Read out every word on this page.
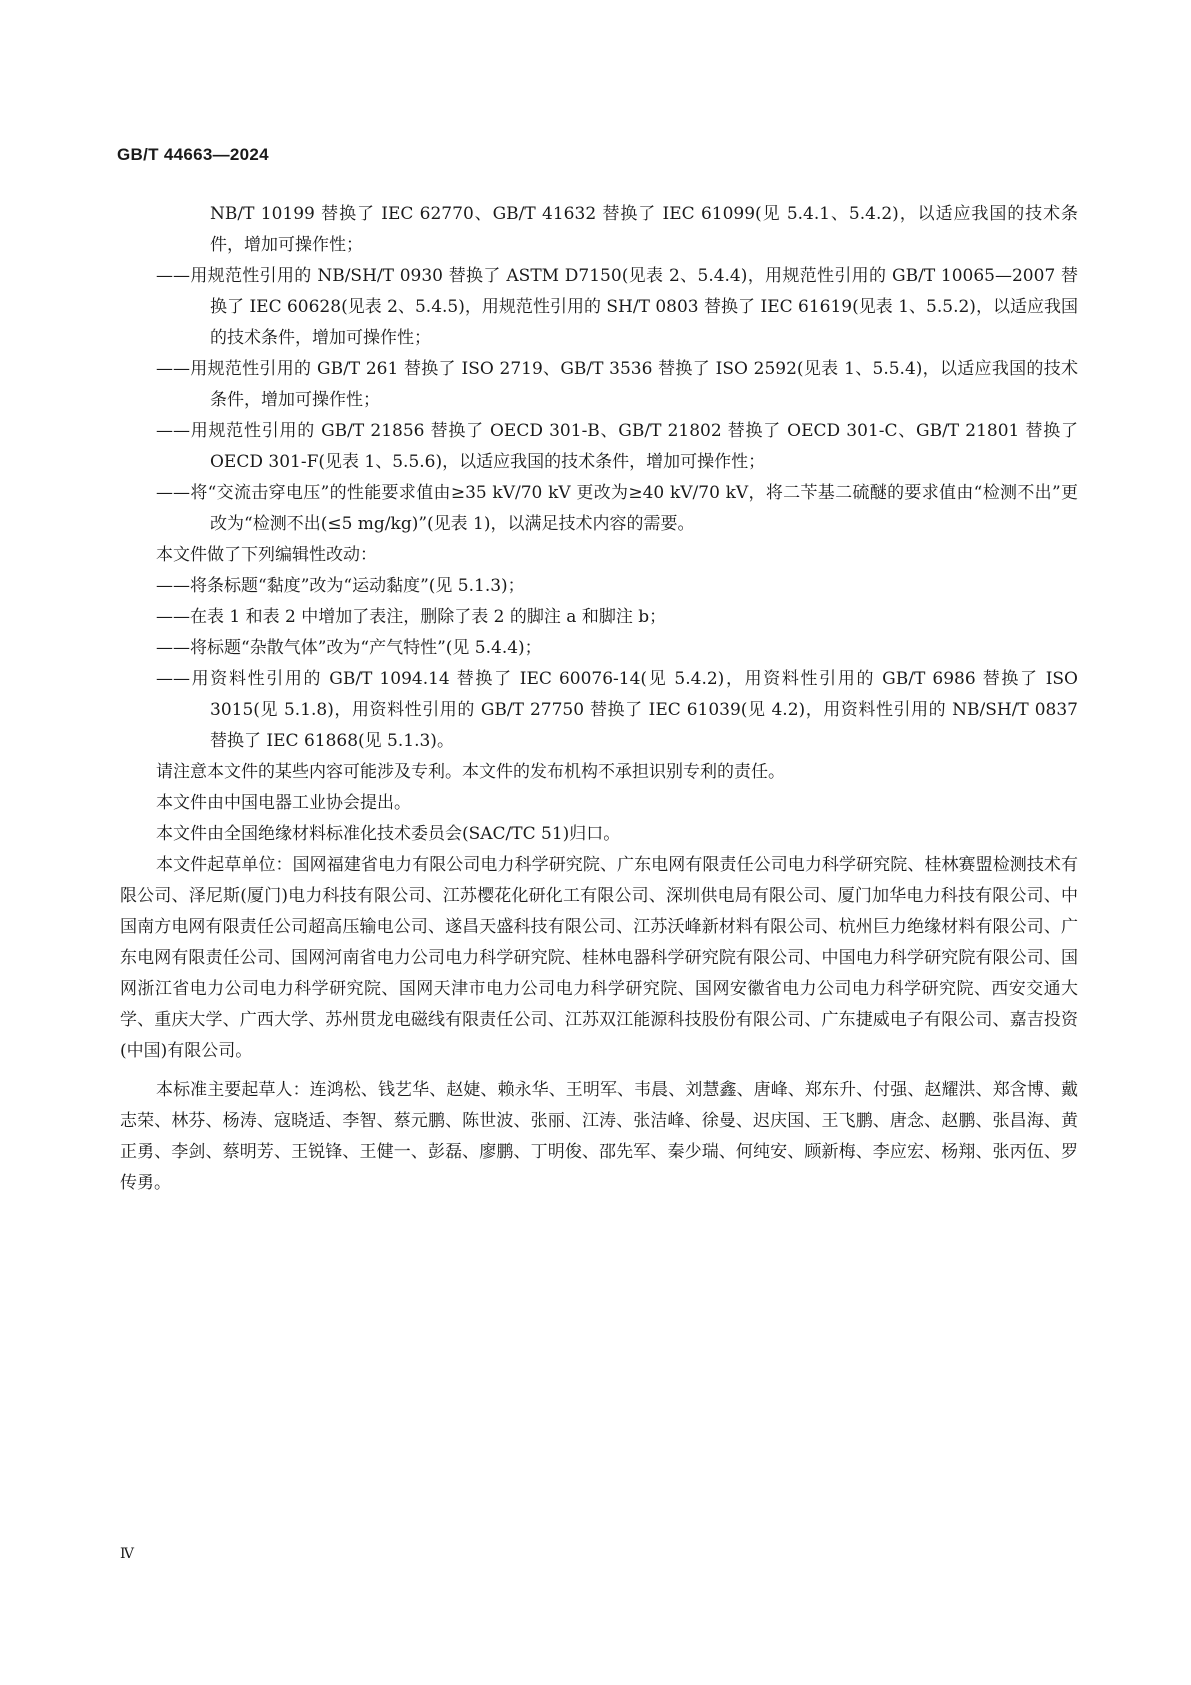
GB/T 44663—2024

NB/T 10199 替换了 IEC 62770、GB/T 41632 替换了 IEC 61099(见 5.4.1、5.4.2)，以适应我国的技术条件，增加可操作性；

——用规范性引用的 NB/SH/T 0930 替换了 ASTM D7150(见表 2、5.4.4)，用规范性引用的 GB/T 10065—2007 替换了 IEC 60628(见表 2、5.4.5)，用规范性引用的 SH/T 0803 替换了 IEC 61619(见表 1、5.5.2)，以适应我国的技术条件，增加可操作性；

——用规范性引用的 GB/T 261 替换了 ISO 2719、GB/T 3536 替换了 ISO 2592(见表 1、5.5.4)，以适应我国的技术条件，增加可操作性；

——用规范性引用的 GB/T 21856 替换了 OECD 301-B、GB/T 21802 替换了 OECD 301-C、GB/T 21801 替换了 OECD 301-F(见表 1、5.5.6)，以适应我国的技术条件，增加可操作性；

——将“交流击穿电压”的性能要求值由≥35 kV/70 kV 更改为≥40 kV/70 kV，将二苄基二硫醚的要求值由“检测不出”更改为“检测不出(≤5 mg/kg)”(见表 1)，以满足技术内容的需要。

本文件做了下列编辑性改动：

——将条标题“黏度”改为“运动黏度”(见 5.1.3)；

——在表 1 和表 2 中增加了表注，删除了表 2 的脚注 a 和脚注 b；

——将标题“杂散气体”改为“产气特性”(见 5.4.4)；

——用资料性引用的 GB/T 1094.14 替换了 IEC 60076-14(见 5.4.2)，用资料性引用的 GB/T 6986 替换了 ISO 3015(见 5.1.8)，用资料性引用的 GB/T 27750 替换了 IEC 61039(见 4.2)，用资料性引用的 NB/SH/T 0837 替换了 IEC 61868(见 5.1.3)。

请注意本文件的某些内容可能涉及专利。本文件的发布机构不承担识别专利的责任。

本文件由中国电器工业协会提出。

本文件由全国绝缘材料标准化技术委员会(SAC/TC 51)归口。

本文件起草单位：国网福建省电力有限公司电力科学研究院、广东电网有限责任公司电力科学研究院、桂林赛盟检测技术有限公司、泽尼斯(厦门)电力科技有限公司、江苏樱花化研化工有限公司、深圳供电局有限公司、厦门加华电力科技有限公司、中国南方电网有限责任公司超高压输电公司、遂昌天盛科技有限公司、江苏沃峰新材料有限公司、杭州巨力绝缘材料有限公司、广东电网有限责任公司、国网河南省电力公司电力科学研究院、桂林电器科学研究院有限公司、中国电力科学研究院有限公司、国网浙江省电力公司电力科学研究院、国网天津市电力公司电力科学研究院、国网安徽省电力公司电力科学研究院、西安交通大学、重庆大学、广西大学、苏州贯龙电磁线有限责任公司、江苏双江能源科技股份有限公司、广东捷威电子有限公司、嘉吉投资(中国)有限公司。

本标准主要起草人：连鸿松、钱艺华、赵婕、赖永华、王明军、韦晨、刘慧鑫、唐峰、郑东升、付强、赵耀洪、郑含博、戴志荣、林芬、杨涛、寇晓适、李智、蔡元鹏、陈世波、张丽、江涛、张洁峰、徐曼、迟庆国、王飞鹏、唐念、赵鹏、张昌海、黄正勇、李剑、蔡明芳、王锐锋、王健一、彭磊、廖鹏、丁明俊、邵先军、秦少瑞、何纯安、顾新梅、李应宏、杨翔、张丙伍、罗传勇。

Ⅳ
